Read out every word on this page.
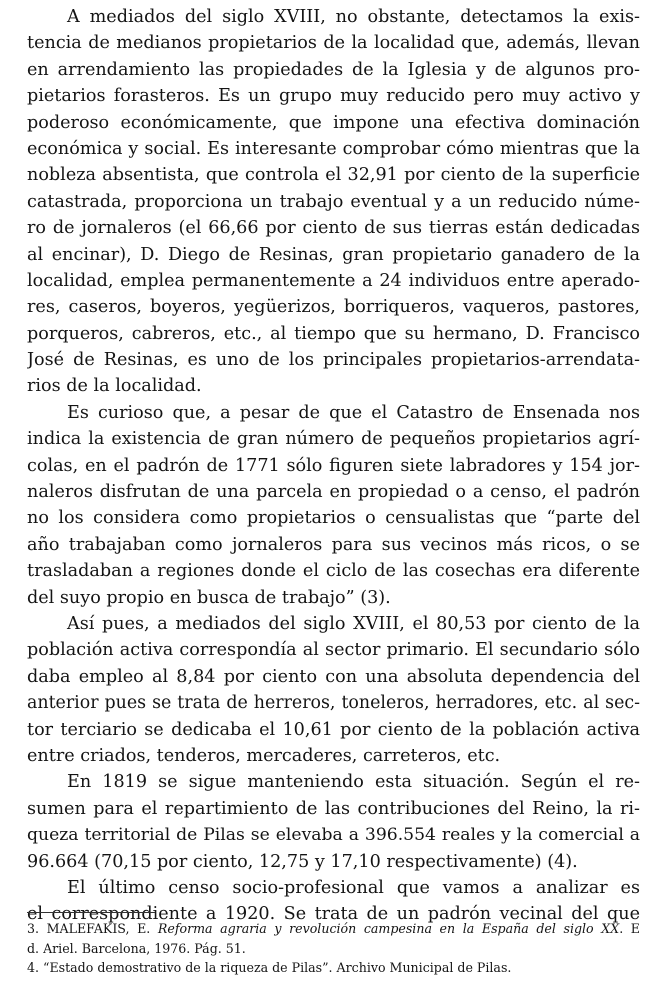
A mediados del siglo XVIII, no obstante, detectamos la exis-
tencia de medianos propietarios de la localidad que, además, llevan
en arrendamiento las propiedades de la Iglesia y de algunos pro-
pietarios forasteros. Es un grupo muy reducido pero muy activo y
poderoso económicamente, que impone una efectiva dominación
económica y social. Es interesante comprobar cómo mientras que la
nobleza absentista, que controla el 32,91 por ciento de la superficie
catastrada, proporciona un trabajo eventual y a un reducido núme-
ro de jornaleros (el 66,66 por ciento de sus tierras están dedicadas
al encinar), D. Diego de Resinas, gran propietario ganadero de la
localidad, emplea permanentemente a 24 individuos entre aperado-
res, caseros, boyeros, yegüerizos, borriqueros, vaqueros, pastores,
porqueros, cabreros, etc., al tiempo que su hermano, D. Francisco
José de Resinas, es uno de los principales propietarios-arrendata-
rios de la localidad.
Es curioso que, a pesar de que el Catastro de Ensenada nos
indica la existencia de gran número de pequeños propietarios agrí-
colas, en el padrón de 1771 sólo figuren siete labradores y 154 jor-
naleros disfrutan de una parcela en propiedad o a censo, el padrón
no los considera como propietarios o censualistas que “parte del
año trabajaban como jornaleros para sus vecinos más ricos, o se
trasladaban a regiones donde el ciclo de las cosechas era diferente
del suyo propio en busca de trabajo” (3).
Así pues, a mediados del siglo XVIII, el 80,53 por ciento de la
población activa correspondía al sector primario. El secundario sólo
daba empleo al 8,84 por ciento con una absoluta dependencia del
anterior pues se trata de herreros, toneleros, herradores, etc. al sec-
tor terciario se dedicaba el 10,61 por ciento de la población activa
entre criados, tenderos, mercaderes, carreteros, etc.
En 1819 se sigue manteniendo esta situación. Según el re-
sumen para el repartimiento de las contribuciones del Reino, la ri-
queza territorial de Pilas se elevaba a 396.554 reales y la comercial a
96.664 (70,15 por ciento, 12,75 y 17,10 respectivamente) (4).
El último censo socio-profesional que vamos a analizar es
el correspondiente a 1920. Se trata de un padrón vecinal del que
3. MALEFAKIS, E. Reforma agraria y revolución campesina en la España del siglo XX. E
d. Ariel. Barcelona, 1976. Pág. 51.
4. “Estado demostrativo de la riqueza de Pilas”. Archivo Municipal de Pilas.
